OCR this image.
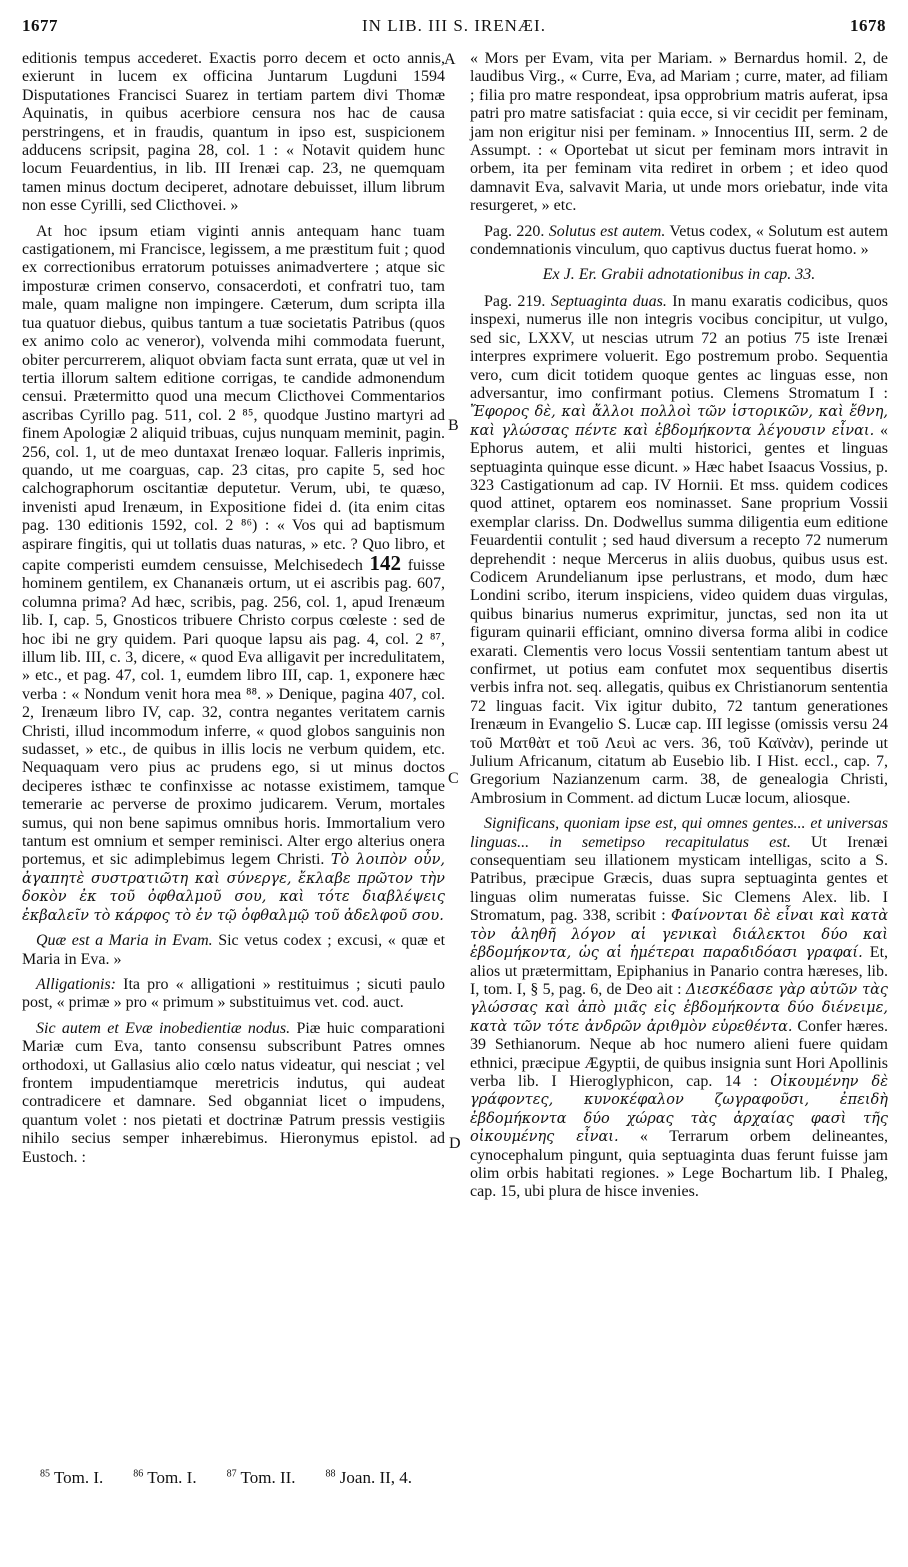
1677	IN LIB. III S. IRENÆI.	1678
A
B
C
D

editionis tempus accederet. Exactis porro decem et octo annis, exierunt in lucem ex officina Juntarum Lugduni 1594 Disputationes Francisci Suarez in tertiam partem divi Thomæ Aquinatis, in quibus acerbiore censura nos hac de causa perstringens, et in fraudis, quantum in ipso est, suspicionem adducens scripsit, pagina 28, col. 1 : « Notavit quidem hunc locum Feuardentius, in lib. III Irenæi cap. 23, ne quemquam tamen minus doctum deciperet, adnotare debuisset, illum librum non esse Cyrilli, sed Clicthovei. »

At hoc ipsum etiam viginti annis antequam hanc tuam castigationem, mi Francisce, legissem, a me præstitum fuit ; quod ex correctionibus erratorum potuisses animadvertere ; atque sic imposturæ crimen conservo, consacerdoti, et confratri tuo, tam male, quam maligne non impingere. Cæterum, dum scripta illa tua quatuor diebus, quibus tantum a tuæ societatis Patribus (quos ex animo colo ac veneror), volvenda mihi commodata fuerunt, obiter percurrerem, aliquot obviam facta sunt errata, quæ ut vel in tertia illorum saltem editione corrigas, te candide admonendum censui. Prætermitto quod una mecum Clicthovei Commentarios ascribas Cyrillo pag. 511, col. 2 ⁸⁵, quodque Justino martyri ad finem Apologiæ 2 aliquid tribuas, cujus nunquam meminit, pagin. 256, col. 1, ut de meo duntaxat Irenæo loquar. Falleris inprimis, quando, ut me coarguas, cap. 23 citas, pro capite 5, sed hoc calchographorum oscitantiæ deputetur. Verum, ubi, te quæso, invenisti apud Irenæum, in Expositione fidei d. (ita enim citas pag. 130 editionis 1592, col. 2 ⁸⁶) : « Vos qui ad baptismum aspirare fingitis, qui ut tollatis duas naturas, » etc. ? Quo libro, et capite comperisti eumdem censuisse, Melchisedech 142 fuisse hominem gentilem, ex Chananæis ortum, ut ei ascribis pag. 607, columna prima? Ad hæc, scribis, pag. 256, col. 1, apud Irenæum lib. I, cap. 5, Gnosticos tribuere Christo corpus cœleste : sed de hoc ibi ne gry quidem. Pari quoque lapsu ais pag. 4, col. 2 ⁸⁷, illum lib. III, c. 3, dicere, « quod Eva alligavit per incredulitatem, » etc., et pag. 47, col. 1, eumdem libro III, cap. 1, exponere hæc verba : « Nondum venit hora mea ⁸⁸. » Denique, pagina 407, col. 2, Irenæum libro IV, cap. 32, contra negantes veritatem carnis Christi, illud incommodum inferre, « quod globos sanguinis non sudasset, » etc., de quibus in illis locis ne verbum quidem, etc. Nequaquam vero pius ac prudens ego, si ut minus doctos deciperes isthæc te confinxisse ac notasse existimem, tamque temerarie ac perverse de proximo judicarem. Verum, mortales sumus, qui non bene sapimus omnibus horis. Immortalium vero tantum est omnium et semper reminisci. Alter ergo alterius onera portemus, et sic adimplebimus legem Christi. Τὸ λοιπὸν οὖν, ἀγαπητὲ συστρατιῶτη καὶ σύνεργε, ἔκλαβε πρῶτον τὴν δοκὸν ἐκ τοῦ ὀφθαλμοῦ σου, καὶ τότε διαβλέψεις ἐκβαλεῖν τὸ κάρφος τὸ ἐν τῷ ὀφθαλμῷ τοῦ ἀδελφοῦ σου.

Quæ est a Maria in Evam. Sic vetus codex ; excusi, « quæ et Maria in Eva. »

Alligationis: Ita pro « alligationi » restituimus ; sicuti paulo post, « primæ » pro « primum » substituimus vet. cod. auct.

Sic autem et Evæ inobedientiæ nodus. Piæ huic comparationi Mariæ cum Eva, tanto consensu subscribunt Patres omnes orthodoxi, ut Gallasius alio cœlo natus videatur, qui nesciat ; vel frontem impudentiamque meretricis indutus, qui audeat contradicere et damnare. Sed obganniat licet o impudens, quantum volet : nos pietati et doctrinæ Patrum pressis vestigiis nihilo secius semper inhærebimus. Hieronymus epistol. ad Eustoch. :

« Mors per Evam, vita per Mariam. » Bernardus homil. 2, de laudibus Virg., « Curre, Eva, ad Mariam ; curre, mater, ad filiam ; filia pro matre respondeat, ipsa opprobrium matris auferat, ipsa patri pro matre satisfaciat : quia ecce, si vir cecidit per feminam, jam non erigitur nisi per feminam. » Innocentius III, serm. 2 de Assumpt. : « Oportebat ut sicut per feminam mors intravit in orbem, ita per feminam vita rediret in orbem ; et ideo quod damnavit Eva, salvavit Maria, ut unde mors oriebatur, inde vita resurgeret, » etc.

Pag. 220. Solutus est autem. Vetus codex, « Solutum est autem condemnationis vinculum, quo captivus ductus fuerat homo. »

Ex J. Er. Grabii adnotationibus in cap. 33.

Pag. 219. Septuaginta duas. In manu exaratis codicibus, quos inspexi, numerus ille non integris vocibus concipitur, ut vulgo, sed sic, LXXV, ut nescias utrum 72 an potius 75 iste Irenæi interpres exprimere voluerit. Ego postremum probo. Sequentia vero, cum dicit totidem quoque gentes ac linguas esse, non adversantur, imo confirmant potius. Clemens Stromatum I : Ἔφορος δὲ, καὶ ἄλλοι πολλοὶ τῶν ἱστορικῶν, καὶ ἔθνη, καὶ γλώσσας πέντε καὶ ἑβδομήκοντα λέγουσιν εἶναι. « Ephorus autem, et alii multi historici, gentes et linguas septuaginta quinque esse dicunt. » Hæc habet Isaacus Vossius, p. 323 Castigationum ad cap. IV Hornii. Et mss. quidem codices quod attinet, optarem eos nominasset. Sane proprium Vossii exemplar clariss. Dn. Dodwellus summa diligentia eum editione Feuardentii contulit ; sed haud diversum a recepto 72 numerum deprehendit : neque Mercerus in aliis duobus, quibus usus est. Codicem Arundelianum ipse perlustrans, et modo, dum hæc Londini scribo, iterum inspiciens, video quidem duas virgulas, quibus binarius numerus exprimitur, junctas, sed non ita ut figuram quinarii efficiant, omnino diversa forma alibi in codice exarati. Clementis vero locus Vossii sententiam tantum abest ut confirmet, ut potius eam confutet mox sequentibus disertis verbis infra not. seq. allegatis, quibus ex Christianorum sententia 72 linguas facit. Vix igitur dubito, 72 tantum generationes Irenæum in Evangelio S. Lucæ cap. III legisse (omissis versu 24 τοῦ Ματθὰτ et τοῦ Λευὶ ac vers. 36, τοῦ Καϊνὰν), perinde ut Julium Africanum, citatum ab Eusebio lib. I Hist. eccl., cap. 7, Gregorium Nazianzenum carm. 38, de genealogia Christi, Ambrosium in Comment. ad dictum Lucæ locum, aliosque.

Significans, quoniam ipse est, qui omnes gentes... et universas linguas... in semetipso recapitulatus est. Ut Irenæi consequentiam seu illationem mysticam intelligas, scito a S. Patribus, præcipue Græcis, duas supra septuaginta gentes et linguas olim numeratas fuisse. Sic Clemens Alex. lib. I Stromatum, pag. 338, scribit : Φαίνονται δὲ εἶναι καὶ κατὰ τὸν ἀληθῆ λόγον αἱ γενικαὶ διάλεκτοι δύο καὶ ἑβδομήκοντα, ὡς αἱ ἡμέτεραι παραδιδόασι γραφαί. Et, alios ut prætermittam, Epiphanius in Panario contra hæreses, lib. I, tom. I, § 5, pag. 6, de Deo ait : Διεσκέδασε γὰρ αὐτῶν τὰς γλώσσας καὶ ἀπὸ μιᾶς εἰς ἑβδομήκοντα δύο διένειμε, κατὰ τῶν τότε ἀνδρῶν ἀριθμὸν εὑρεθέντα. Confer hæres. 39 Sethianorum. Neque ab hoc numero alieni fuere quidam ethnici, præcipue Ægyptii, de quibus insignia sunt Hori Apollinis verba lib. I Hieroglyphicon, cap. 14 : Οἰκουμένην δὲ γράφοντες, κυνοκέφαλον ζωγραφοῦσι, ἐπειδὴ ἑβδομήκοντα δύο χώρας τὰς ἀρχαίας φασὶ τῆς οἰκουμένης εἶναι. « Terrarum orbem delineantes, cynocephalum pingunt, quia septuaginta duas ferunt fuisse jam olim orbis habitati regiones. » Lege Bochartum lib. I Phaleg, cap. 15, ubi plura de hisce invenies.

$^{85}$ Tom. I.	$^{86}$ Tom. I.	$^{87}$ Tom. II.	$^{88}$ Joan. II, 4.
